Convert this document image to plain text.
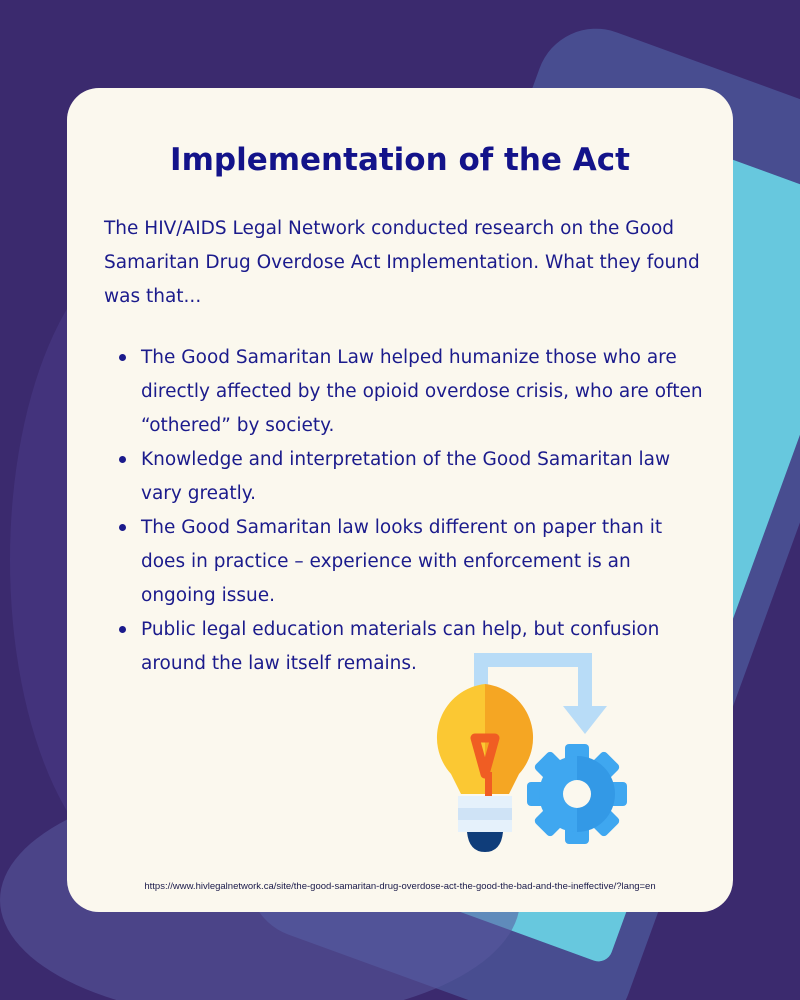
Implementation of the Act

The HIV/AIDS Legal Network conducted research on the Good Samaritan Drug Overdose Act Implementation. What they found was that...

The Good Samaritan Law helped humanize those who are directly affected by the opioid overdose crisis, who are often “othered” by society.
Knowledge and interpretation of the Good Samaritan law vary greatly.
The Good Samaritan law looks different on paper than it does in practice – experience with enforcement is an ongoing issue.
Public legal education materials can help, but confusion around the law itself remains.
https://www.hivlegalnetwork.ca/site/the-good-samaritan-drug-overdose-act-the-good-the-bad-and-the-ineffective/?lang=en
